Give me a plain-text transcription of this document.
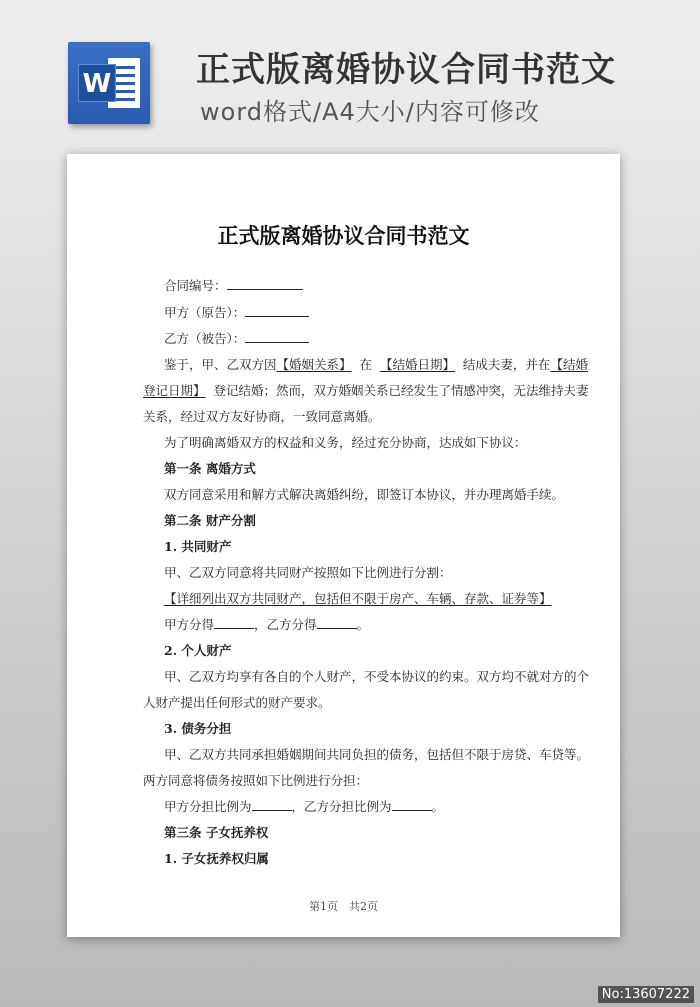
W 正式版离婚协议合同书范文
word格式/A4大小/内容可修改
正式版离婚协议合同书范文
合同编号：
甲方（原告）：
乙方（被告）：
鉴于，甲、乙双方因【婚姻关系】 在 【结婚日期】 结成夫妻，并在【结婚
登记日期】 登记结婚；然而，双方婚姻关系已经发生了情感冲突，无法维持夫妻
关系，经过双方友好协商，一致同意离婚。
为了明确离婚双方的权益和义务，经过充分协商，达成如下协议：
第一条 离婚方式
双方同意采用和解方式解决离婚纠纷，即签订本协议，并办理离婚手续。
第二条 财产分割
1. 共同财产
甲、乙双方同意将共同财产按照如下比例进行分割：
【详细列出双方共同财产，包括但不限于房产、车辆、存款、证券等】
甲方分得	，乙方分得	。
2. 个人财产
甲、乙双方均享有各自的个人财产，不受本协议的约束。双方均不就对方的个
人财产提出任何形式的财产要求。
3. 债务分担
甲、乙双方共同承担婚姻期间共同负担的债务，包括但不限于房贷、车贷等。
两方同意将债务按照如下比例进行分担：
甲方分担比例为	，乙方分担比例为	。
第三条 子女抚养权
1. 子女抚养权归属
第1页　共2页
No:13607222
